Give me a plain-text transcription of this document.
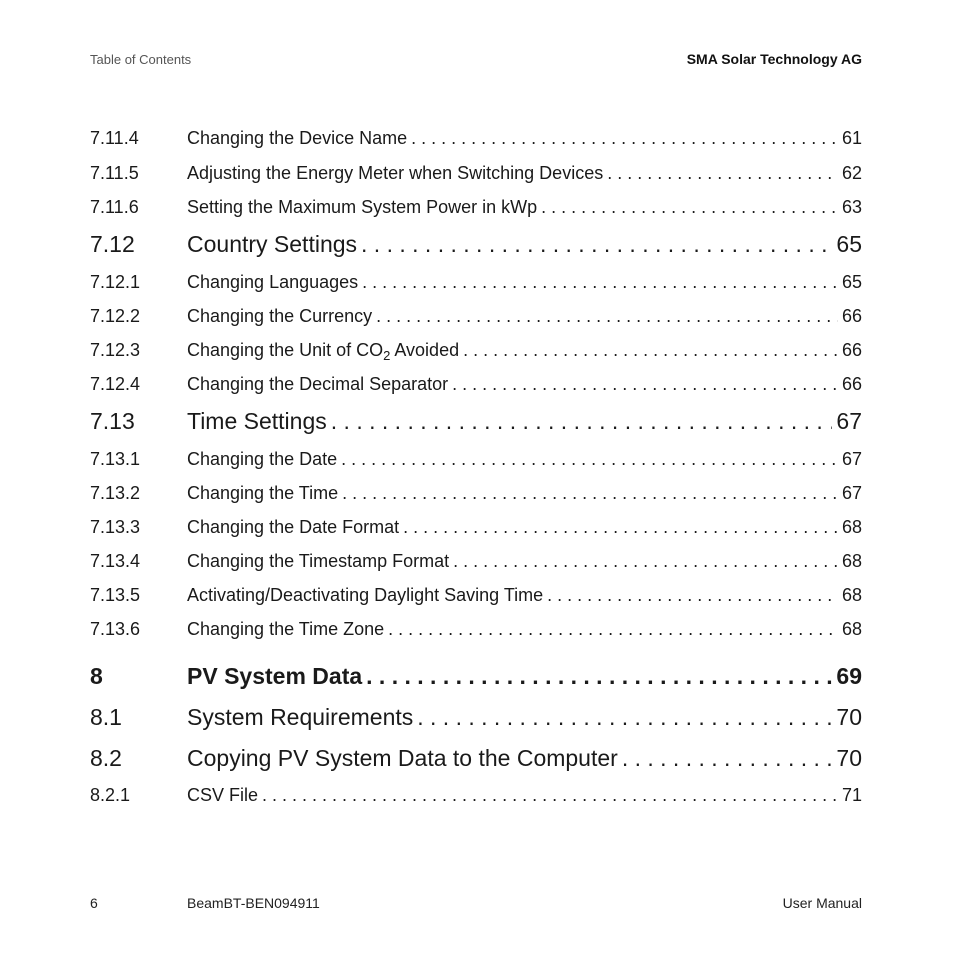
Table of Contents	SMA Solar Technology AG
7.11.4	Changing the Device Name . . .	61
7.11.5	Adjusting the Energy Meter when Switching Devices . . .	62
7.11.6	Setting the Maximum System Power in kWp . . .	63
7.12	Country Settings . . .	65
7.12.1	Changing Languages . . .	65
7.12.2	Changing the Currency . . .	66
7.12.3	Changing the Unit of $CO_2$ Avoided . . .	66
7.12.4	Changing the Decimal Separator . . .	66
7.13	Time Settings . . .	67
7.13.1	Changing the Date . . .	67
7.13.2	Changing the Time . . .	67
7.13.3	Changing the Date Format . . .	68
7.13.4	Changing the Timestamp Format . . .	68
7.13.5	Activating/Deactivating Daylight Saving Time . . .	68
7.13.6	Changing the Time Zone . . .	68
8	PV System Data . . .	69
8.1	System Requirements . . .	70
8.2	Copying PV System Data to the Computer . . .	70
8.2.1	CSV File . . .	71
6	BeamBT-BEN094911	User Manual
